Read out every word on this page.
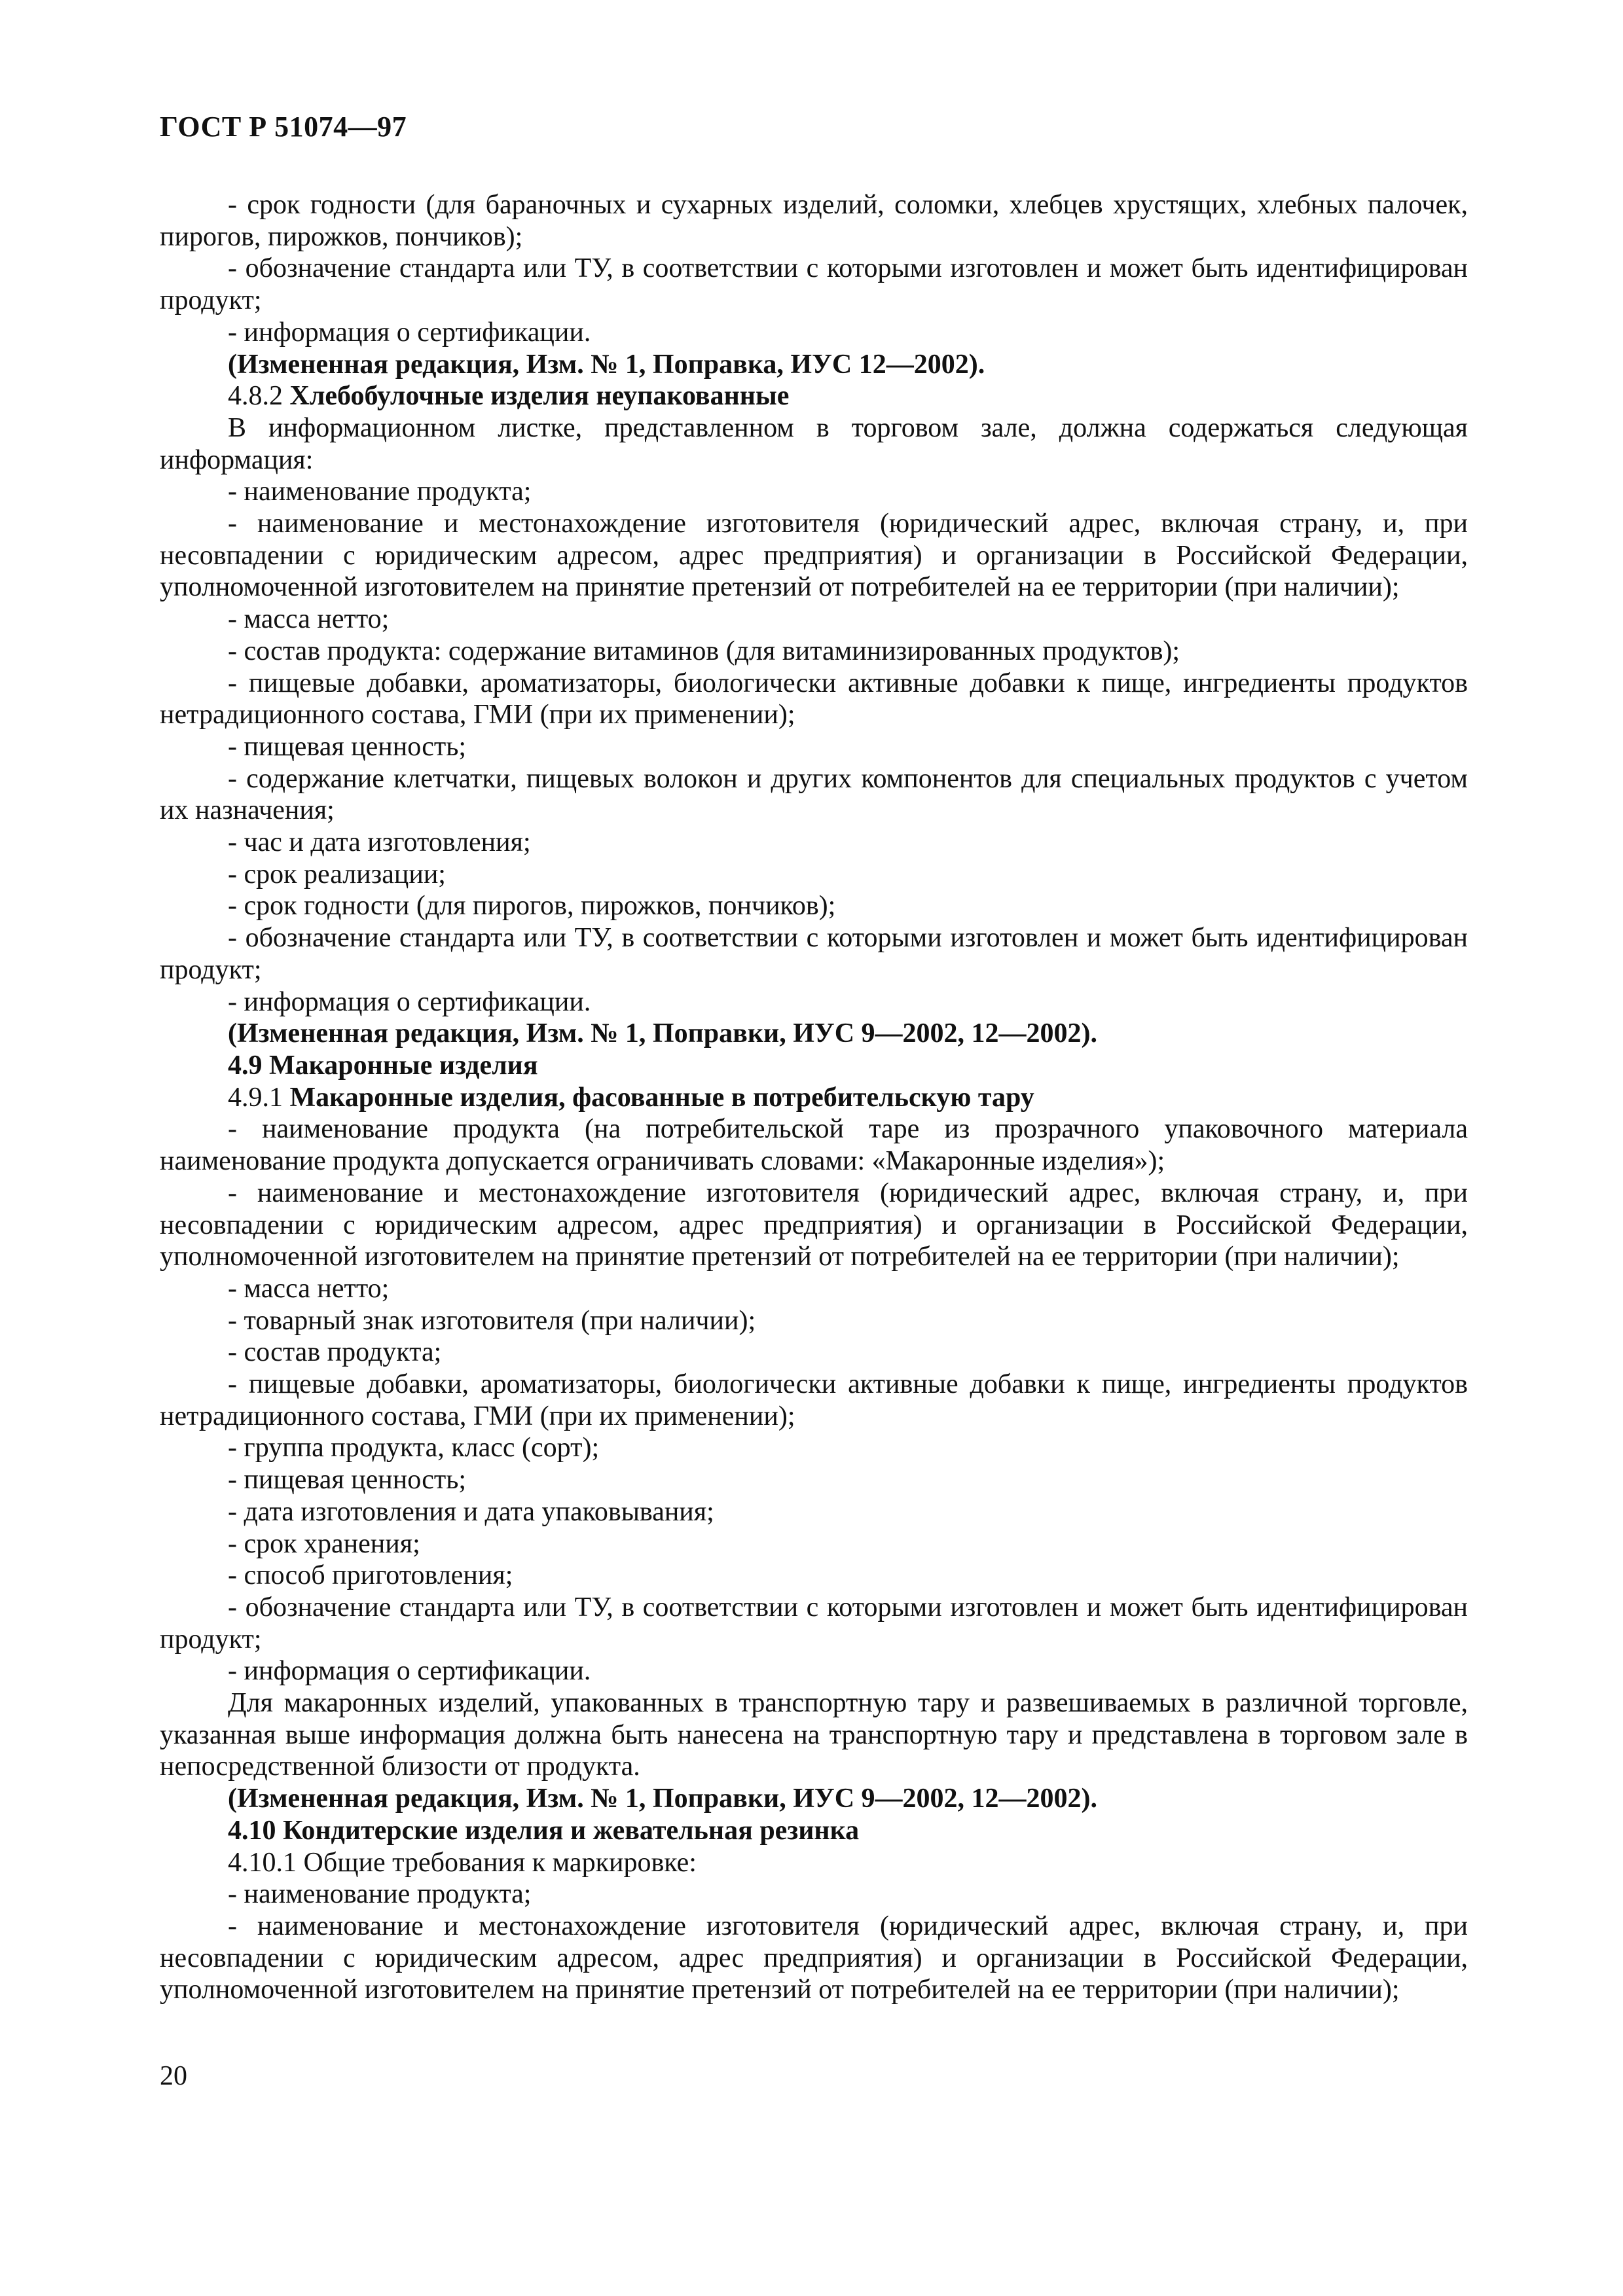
ГОСТ Р 51074—97

- срок годности (для бараночных и сухарных изделий, соломки, хлебцев хрустящих, хлебных палочек, пирогов, пирожков, пончиков);

- обозначение стандарта или ТУ, в соответствии с которыми изготовлен и может быть идентифицирован продукт;

- информация о сертификации.

(Измененная редакция, Изм. № 1, Поправка, ИУС 12—2002).

4.8.2 Хлебобулочные изделия неупакованные

В информационном листке, представленном в торговом зале, должна содержаться следующая информация:

- наименование продукта;

- наименование и местонахождение изготовителя (юридический адрес, включая страну, и, при несовпадении с юридическим адресом, адрес предприятия) и организации в Российской Федерации, уполномоченной изготовителем на принятие претензий от потребителей на ее территории (при наличии);

- масса нетто;

- состав продукта: содержание витаминов (для витаминизированных продуктов);

- пищевые добавки, ароматизаторы, биологически активные добавки к пище, ингредиенты продуктов нетрадиционного состава, ГМИ (при их применении);

- пищевая ценность;

- содержание клетчатки, пищевых волокон и других компонентов для специальных продуктов с учетом их назначения;

- час и дата изготовления;

- срок реализации;

- срок годности (для пирогов, пирожков, пончиков);

- обозначение стандарта или ТУ, в соответствии с которыми изготовлен и может быть идентифицирован продукт;

- информация о сертификации.

(Измененная редакция, Изм. № 1, Поправки, ИУС 9—2002, 12—2002).

4.9 Макаронные изделия

4.9.1 Макаронные изделия, фасованные в потребительскую тару

- наименование продукта (на потребительской таре из прозрачного упаковочного материала наименование продукта допускается ограничивать словами: «Макаронные изделия»);

- наименование и местонахождение изготовителя (юридический адрес, включая страну, и, при несовпадении с юридическим адресом, адрес предприятия) и организации в Российской Федерации, уполномоченной изготовителем на принятие претензий от потребителей на ее территории (при наличии);

- масса нетто;

- товарный знак изготовителя (при наличии);

- состав продукта;

- пищевые добавки, ароматизаторы, биологически активные добавки к пище, ингредиенты продуктов нетрадиционного состава, ГМИ (при их применении);

- группа продукта, класс (сорт);

- пищевая ценность;

- дата изготовления и дата упаковывания;

- срок хранения;

- способ приготовления;

- обозначение стандарта или ТУ, в соответствии с которыми изготовлен и может быть идентифицирован продукт;

- информация о сертификации.

Для макаронных изделий, упакованных в транспортную тару и развешиваемых в различной торговле, указанная выше информация должна быть нанесена на транспортную тару и представлена в торговом зале в непосредственной близости от продукта.

(Измененная редакция, Изм. № 1, Поправки, ИУС 9—2002, 12—2002).

4.10 Кондитерские изделия и жевательная резинка

4.10.1 Общие требования к маркировке:

- наименование продукта;

- наименование и местонахождение изготовителя (юридический адрес, включая страну, и, при несовпадении с юридическим адресом, адрес предприятия) и организации в Российской Федерации, уполномоченной изготовителем на принятие претензий от потребителей на ее территории (при наличии);

20
